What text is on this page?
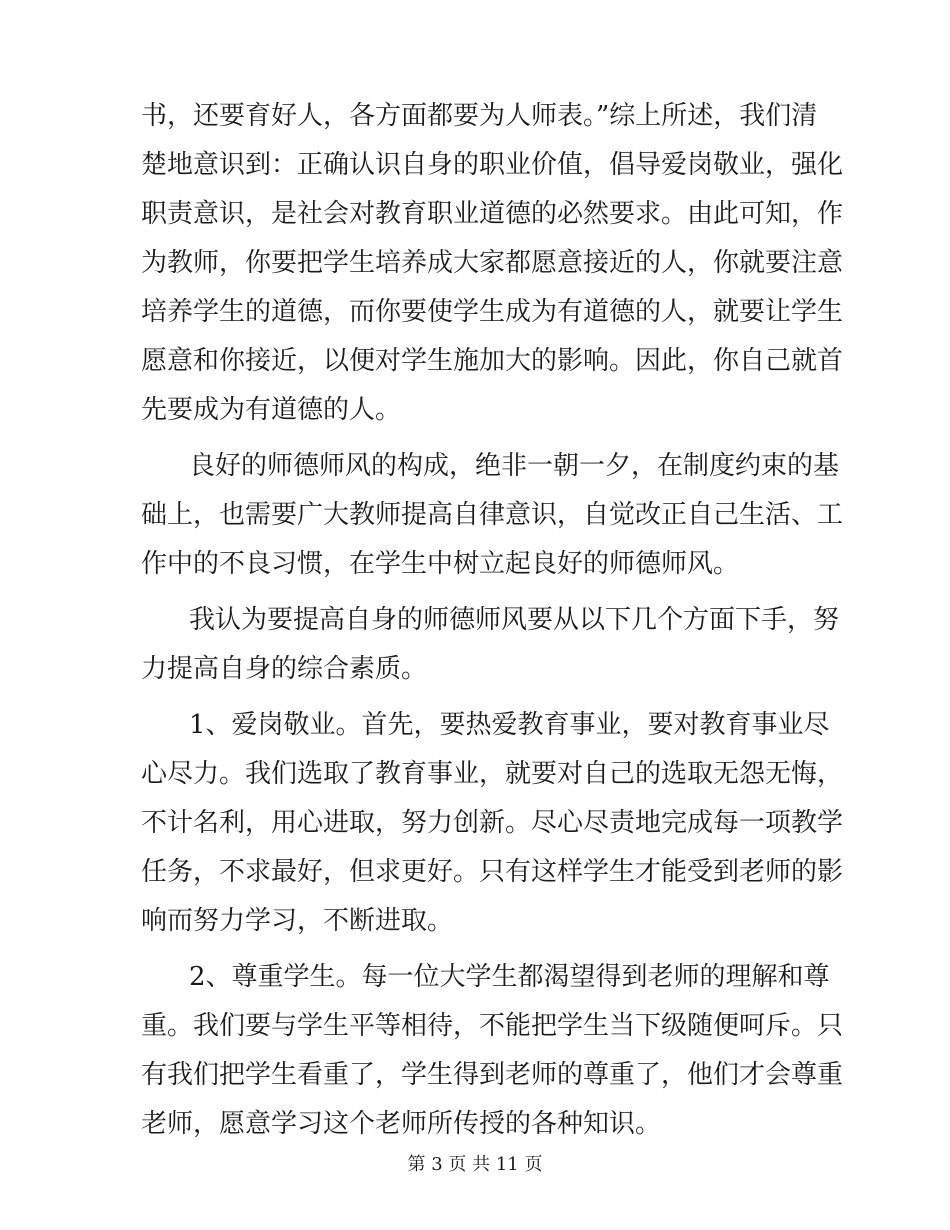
书，还要育好人，各方面都要为人师表。”综上所述，我们清
楚地意识到：正确认识自身的职业价值，倡导爱岗敬业，强化
职责意识，是社会对教育职业道德的必然要求。由此可知，作
为教师，你要把学生培养成大家都愿意接近的人，你就要注意
培养学生的道德，而你要使学生成为有道德的人，就要让学生
愿意和你接近，以便对学生施加大的影响。因此，你自己就首
先要成为有道德的人。
良好的师德师风的构成，绝非一朝一夕，在制度约束的基
础上，也需要广大教师提高自律意识，自觉改正自己生活、工
作中的不良习惯，在学生中树立起良好的师德师风。
我认为要提高自身的师德师风要从以下几个方面下手，努
力提高自身的综合素质。
1、爱岗敬业。首先，要热爱教育事业，要对教育事业尽
心尽力。我们选取了教育事业，就要对自己的选取无怨无悔，
不计名利，用心进取，努力创新。尽心尽责地完成每一项教学
任务，不求最好，但求更好。只有这样学生才能受到老师的影
响而努力学习，不断进取。
2、尊重学生。每一位大学生都渴望得到老师的理解和尊
重。我们要与学生平等相待，不能把学生当下级随便呵斥。只
有我们把学生看重了，学生得到老师的尊重了，他们才会尊重
老师，愿意学习这个老师所传授的各种知识。
第 3 页 共 11 页
